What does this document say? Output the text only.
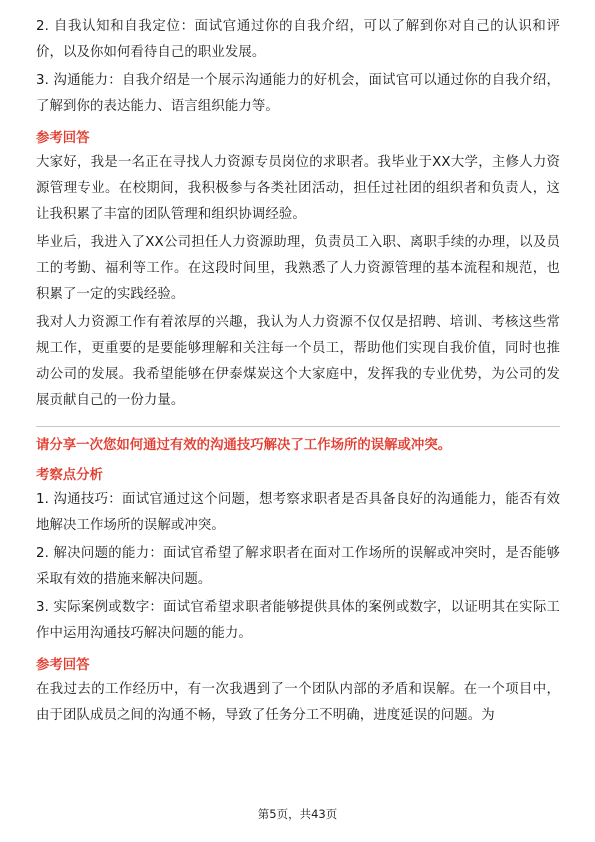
2. 自我认知和自我定位：面试官通过你的自我介绍，可以了解到你对自己的认识和评价，以及你如何看待自己的职业发展。

3. 沟通能力：自我介绍是一个展示沟通能力的好机会，面试官可以通过你的自我介绍，了解到你的表达能力、语言组织能力等。

参考回答

大家好，我是一名正在寻找人力资源专员岗位的求职者。我毕业于XX大学，主修人力资源管理专业。在校期间，我积极参与各类社团活动，担任过社团的组织者和负责人，这让我积累了丰富的团队管理和组织协调经验。

毕业后，我进入了XX公司担任人力资源助理，负责员工入职、离职手续的办理，以及员工的考勤、福利等工作。在这段时间里，我熟悉了人力资源管理的基本流程和规范，也积累了一定的实践经验。

我对人力资源工作有着浓厚的兴趣，我认为人力资源不仅仅是招聘、培训、考核这些常规工作，更重要的是要能够理解和关注每一个员工，帮助他们实现自我价值，同时也推动公司的发展。我希望能够在伊泰煤炭这个大家庭中，发挥我的专业优势，为公司的发展贡献自己的一份力量。

请分享一次您如何通过有效的沟通技巧解决了工作场所的误解或冲突。

考察点分析

1. 沟通技巧：面试官通过这个问题，想考察求职者是否具备良好的沟通能力，能否有效地解决工作场所的误解或冲突。

2. 解决问题的能力：面试官希望了解求职者在面对工作场所的误解或冲突时，是否能够采取有效的措施来解决问题。

3. 实际案例或数字：面试官希望求职者能够提供具体的案例或数字，以证明其在实际工作中运用沟通技巧解决问题的能力。

参考回答

在我过去的工作经历中，有一次我遇到了一个团队内部的矛盾和误解。在一个项目中，由于团队成员之间的沟通不畅，导致了任务分工不明确，进度延误的问题。为

第5页，共43页
